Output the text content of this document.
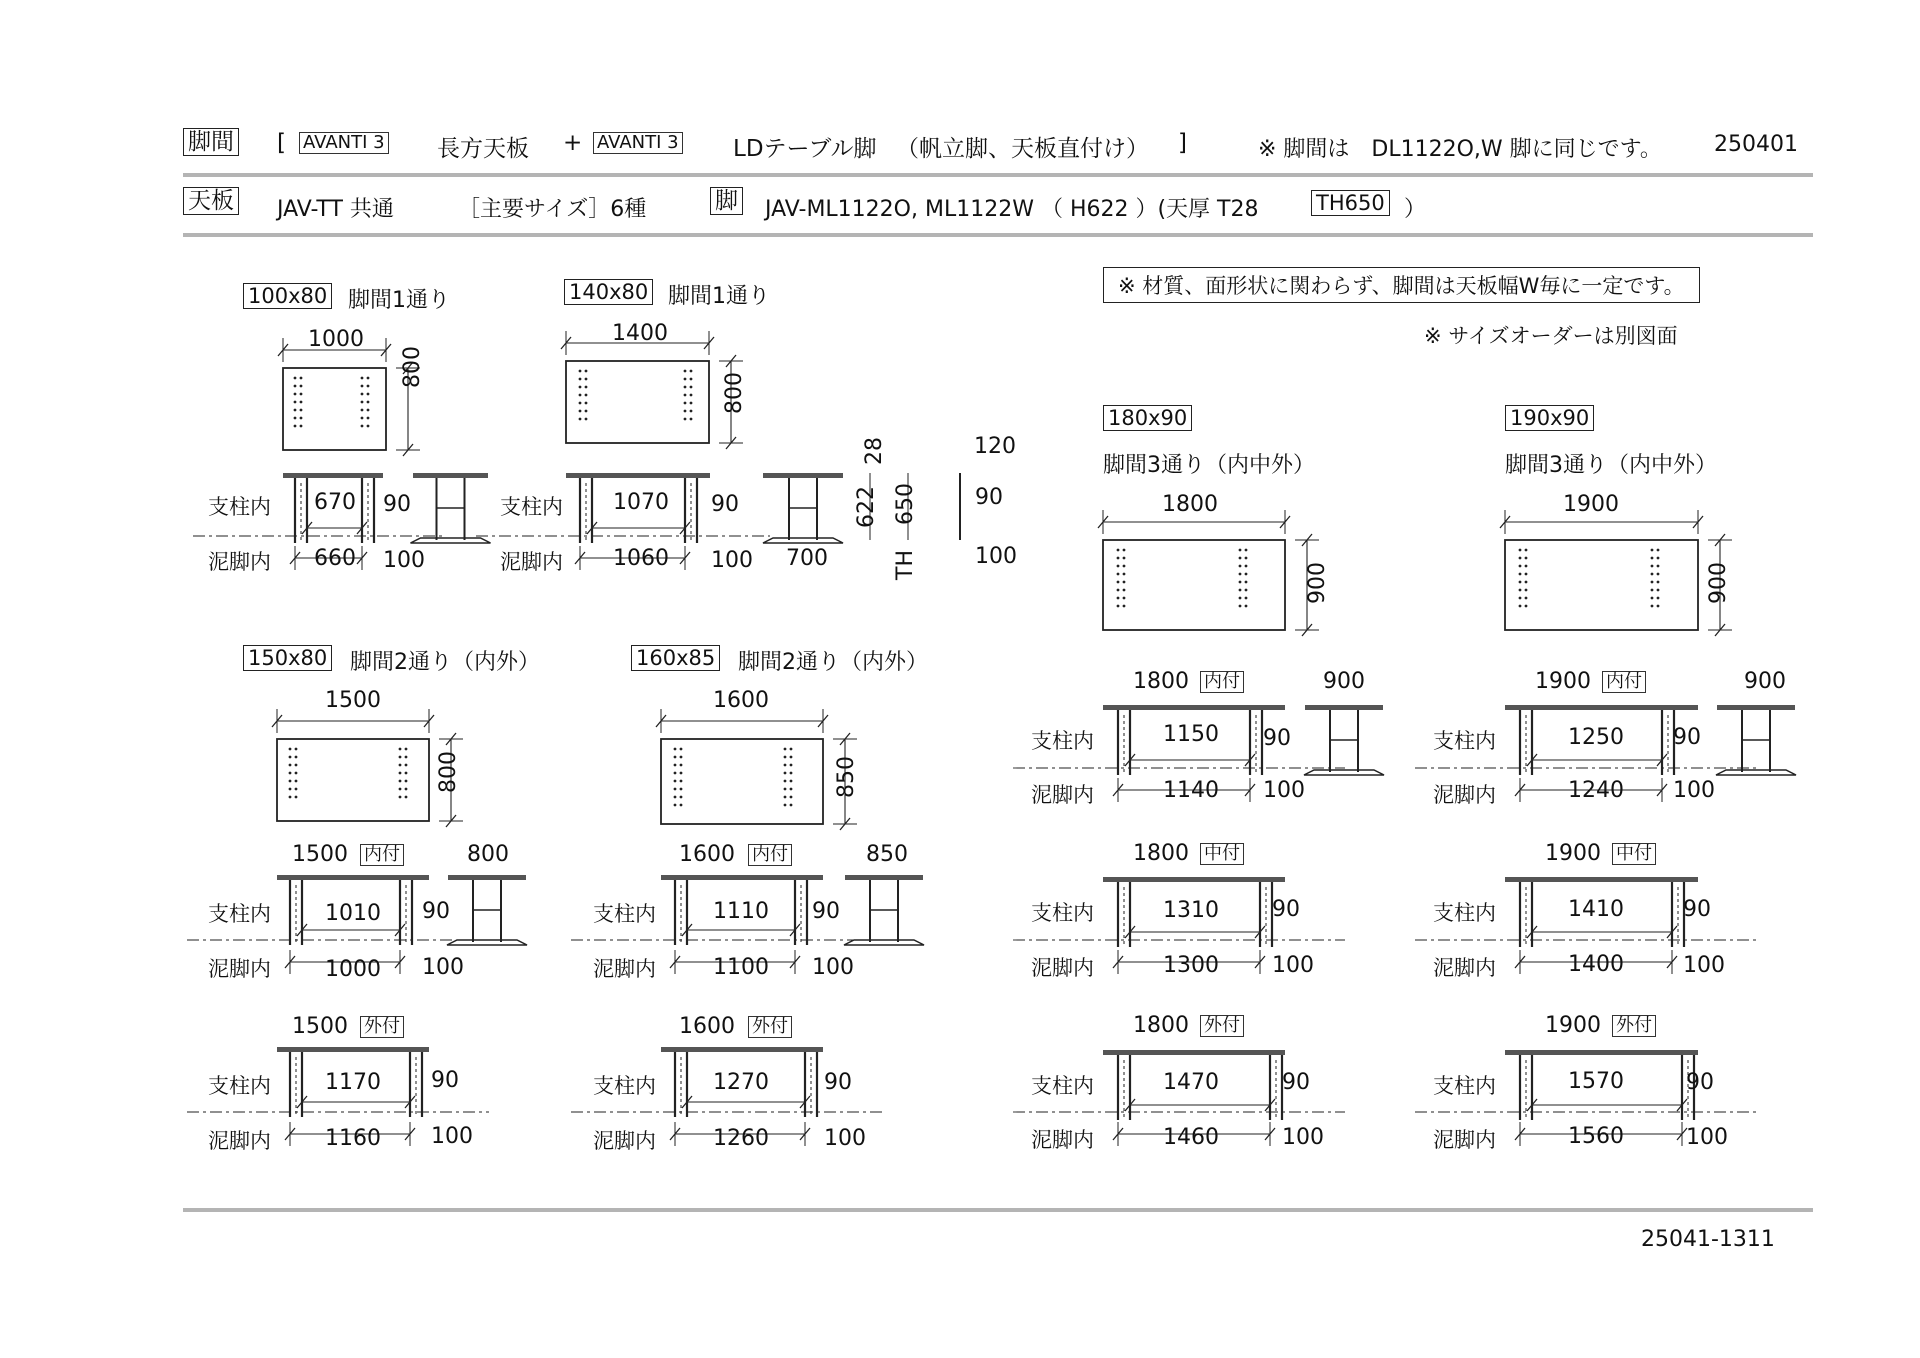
脚間 [ AVANTI 3 長方天板 + AVANTI 3 LDテーブル脚 （帆立脚、天板直付け） ]	※ 脚間は　DL1122O,W 脚に同じです。 250401
天板 JAV-TT 共通	［主要サイズ］6種	脚 JAV-ML1122O, ML1122W （ H622 ）(天厚 T28	TH650 ）
※ 材質、面形状に関わらず、脚間は天板幅W毎に一定です。
※ サイズオーダーは別図面
25041-1311
100x80 脚間1通り
1000
800
支柱内
泥脚内
670 90
660 100
140x80 脚間1通り
1400
800
支柱内
泥脚内
1070 90
1060 100 700
28	120
622 650
TH
90
100
150x80 脚間2通り（内外）
1500
800
1500 内付	800
支柱内
泥脚内
1010 90
1000 100
1500 外付
支柱内
泥脚内
1170 90
1160 100
160x85 脚間2通り（内外）
1600
850
1600 内付	850
支柱内
泥脚内
1110 90
1100 100
1600 外付
支柱内
泥脚内
1270	90
1260	100
180x90
脚間3通り（内中外）
1800
900
1800 内付	900
支柱内
泥脚内
1150 90
1140 100
1800 中付
支柱内
泥脚内
1310 90
1300 100
1800 外付
支柱内
泥脚内
1470	90
1460	100
190x90
脚間3通り（内中外）
1900
900
1900 内付	900
支柱内
泥脚内
1250 90
1240 100
1900 中付
支柱内
泥脚内
1410	90
1400	100
1900 外付
支柱内
泥脚内
1570	90
1560	100
